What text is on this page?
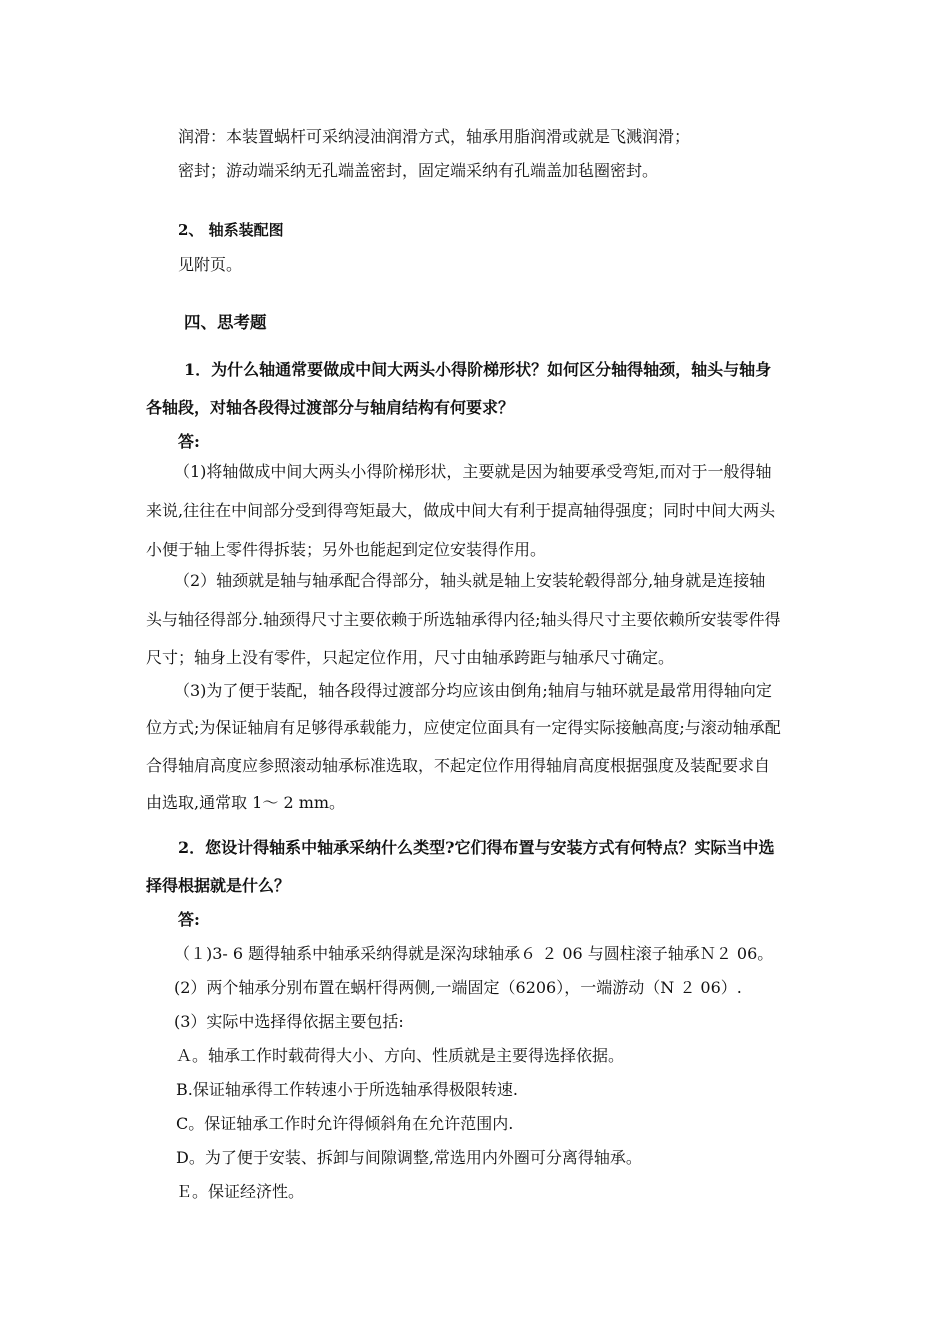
润滑：本装置蜗杆可采纳浸油润滑方式，轴承用脂润滑或就是飞溅润滑；
密封；游动端采纳无孔端盖密封，固定端采纳有孔端盖加毡圈密封。
2、 轴系装配图
见附页。
四、思考题
1．为什么轴通常要做成中间大两头小得阶梯形状？如何区分轴得轴颈，轴头与轴身
各轴段，对轴各段得过渡部分与轴肩结构有何要求？
答:
（1)将轴做成中间大两头小得阶梯形状，主要就是因为轴要承受弯矩,而对于一般得轴
来说,往往在中间部分受到得弯矩最大，做成中间大有利于提高轴得强度；同时中间大两头
小便于轴上零件得拆装；另外也能起到定位安装得作用。
（2）轴颈就是轴与轴承配合得部分，轴头就是轴上安装轮毂得部分,轴身就是连接轴
头与轴径得部分.轴颈得尺寸主要依赖于所选轴承得内径;轴头得尺寸主要依赖所安装零件得
尺寸；轴身上没有零件，只起定位作用，尺寸由轴承跨距与轴承尺寸确定。
（3)为了便于装配，轴各段得过渡部分均应该由倒角;轴肩与轴环就是最常用得轴向定
位方式;为保证轴肩有足够得承载能力，应使定位面具有一定得实际接触高度;与滚动轴承配
合得轴肩高度应参照滚动轴承标准选取，不起定位作用得轴肩高度根据强度及装配要求自
由选取,通常取 1～ 2 mm。
2．您设计得轴系中轴承采纳什么类型?它们得布置与安装方式有何特点？实际当中选
择得根据就是什么？
答:
（１)3- 6 题得轴系中轴承采纳得就是深沟球轴承６ ２ 06 与圆柱滚子轴承Ｎ２ 06。
(2）两个轴承分别布置在蜗杆得两侧,一端固定（6206），一端游动（N ２ 06）.
(3）实际中选择得依据主要包括:
Ａ。轴承工作时载荷得大小、方向、性质就是主要得选择依据。
B.保证轴承得工作转速小于所选轴承得极限转速.
C。保证轴承工作时允许得倾斜角在允许范围内.
D。为了便于安装、拆卸与间隙调整,常选用内外圈可分离得轴承。
Ｅ。保证经济性。
